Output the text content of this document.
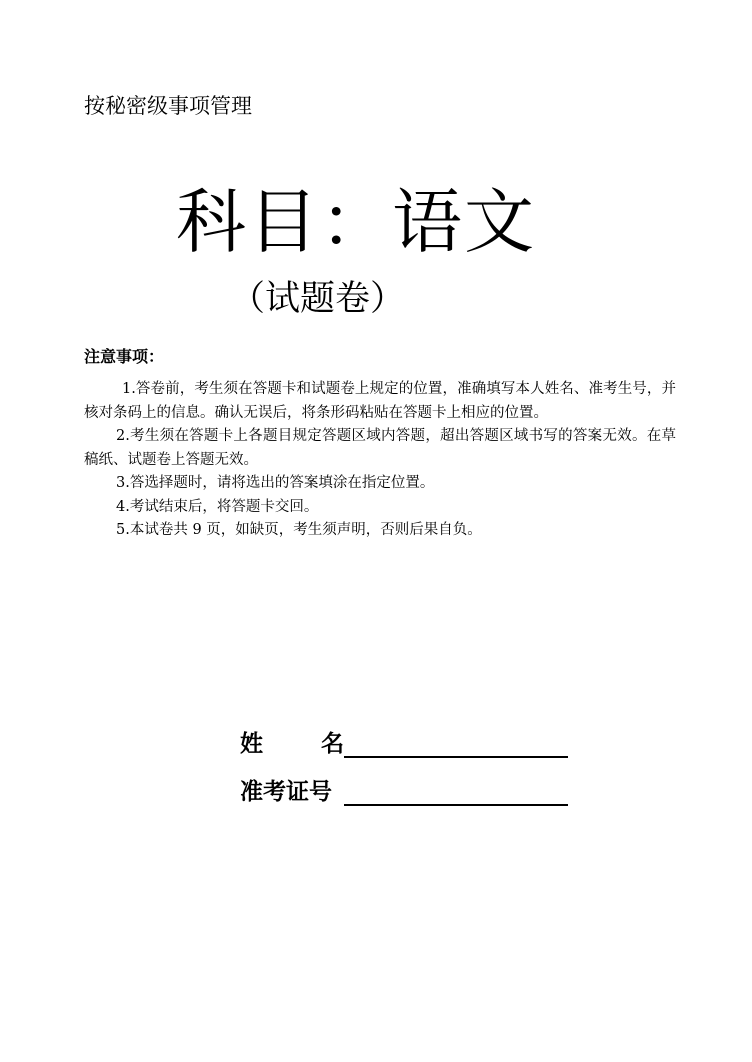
按秘密级事项管理
科目：语文
（试题卷）
注意事项：

1.答卷前，考生须在答题卡和试题卷上规定的位置，准确填写本人姓名、准考生号，并核对条码上的信息。确认无误后，将条形码粘贴在答题卡上相应的位置。

2.考生须在答题卡上各题目规定答题区域内答题，超出答题区域书写的答案无效。在草稿纸、试题卷上答题无效。

3.答选择题时，请将选出的答案填涂在指定位置。

4.考试结束后，将答题卡交回。

5.本试卷共 9 页，如缺页，考生须声明，否则后果自负。

姓	名
准考证号
